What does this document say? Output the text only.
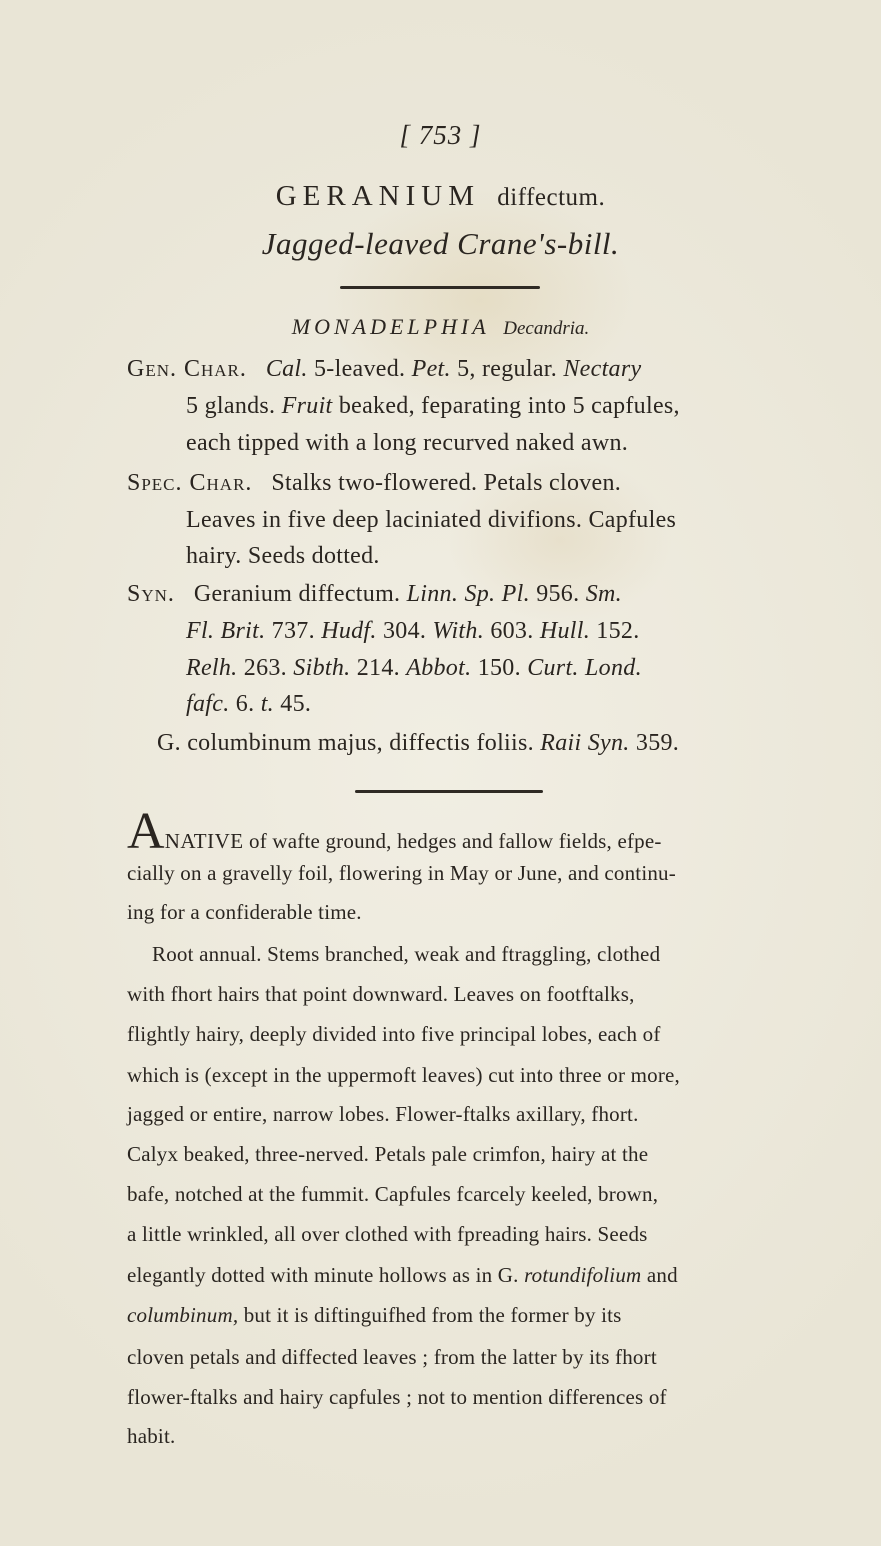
[ 753 ]
GERANIUM diffectum.
Jagged-leaved Crane's-bill.
MONADELPHIA Decandria.
Gen. Char. Cal. 5-leaved. Pet. 5, regular. Nectary
5 glands. Fruit beaked, feparating into 5 capfules,
each tipped with a long recurved naked awn.
Spec. Char. Stalks two-flowered. Petals cloven.
Leaves in five deep laciniated divifions. Capfules
hairy. Seeds dotted.
Syn. Geranium diffectum. Linn. Sp. Pl. 956. Sm.
Fl. Brit. 737. Hudf. 304. With. 603. Hull. 152.
Relh. 263. Sibth. 214. Abbot. 150. Curt. Lond.
fafc. 6. t. 45.
G. columbinum majus, diffectis foliis. Raii Syn. 359.
ANATIVE of wafte ground, hedges and fallow fields, efpe-
cially on a gravelly foil, flowering in May or June, and continu-
ing for a confiderable time.
Root annual. Stems branched, weak and ftraggling, clothed
with fhort hairs that point downward. Leaves on footftalks,
flightly hairy, deeply divided into five principal lobes, each of
which is (except in the uppermoft leaves) cut into three or more,
jagged or entire, narrow lobes. Flower-ftalks axillary, fhort.
Calyx beaked, three-nerved. Petals pale crimfon, hairy at the
bafe, notched at the fummit. Capfules fcarcely keeled, brown,
a little wrinkled, all over clothed with fpreading hairs. Seeds
elegantly dotted with minute hollows as in G. rotundifolium and
columbinum, but it is diftinguifhed from the former by its
cloven petals and diffected leaves ; from the latter by its fhort
flower-ftalks and hairy capfules ; not to mention differences of
habit.
